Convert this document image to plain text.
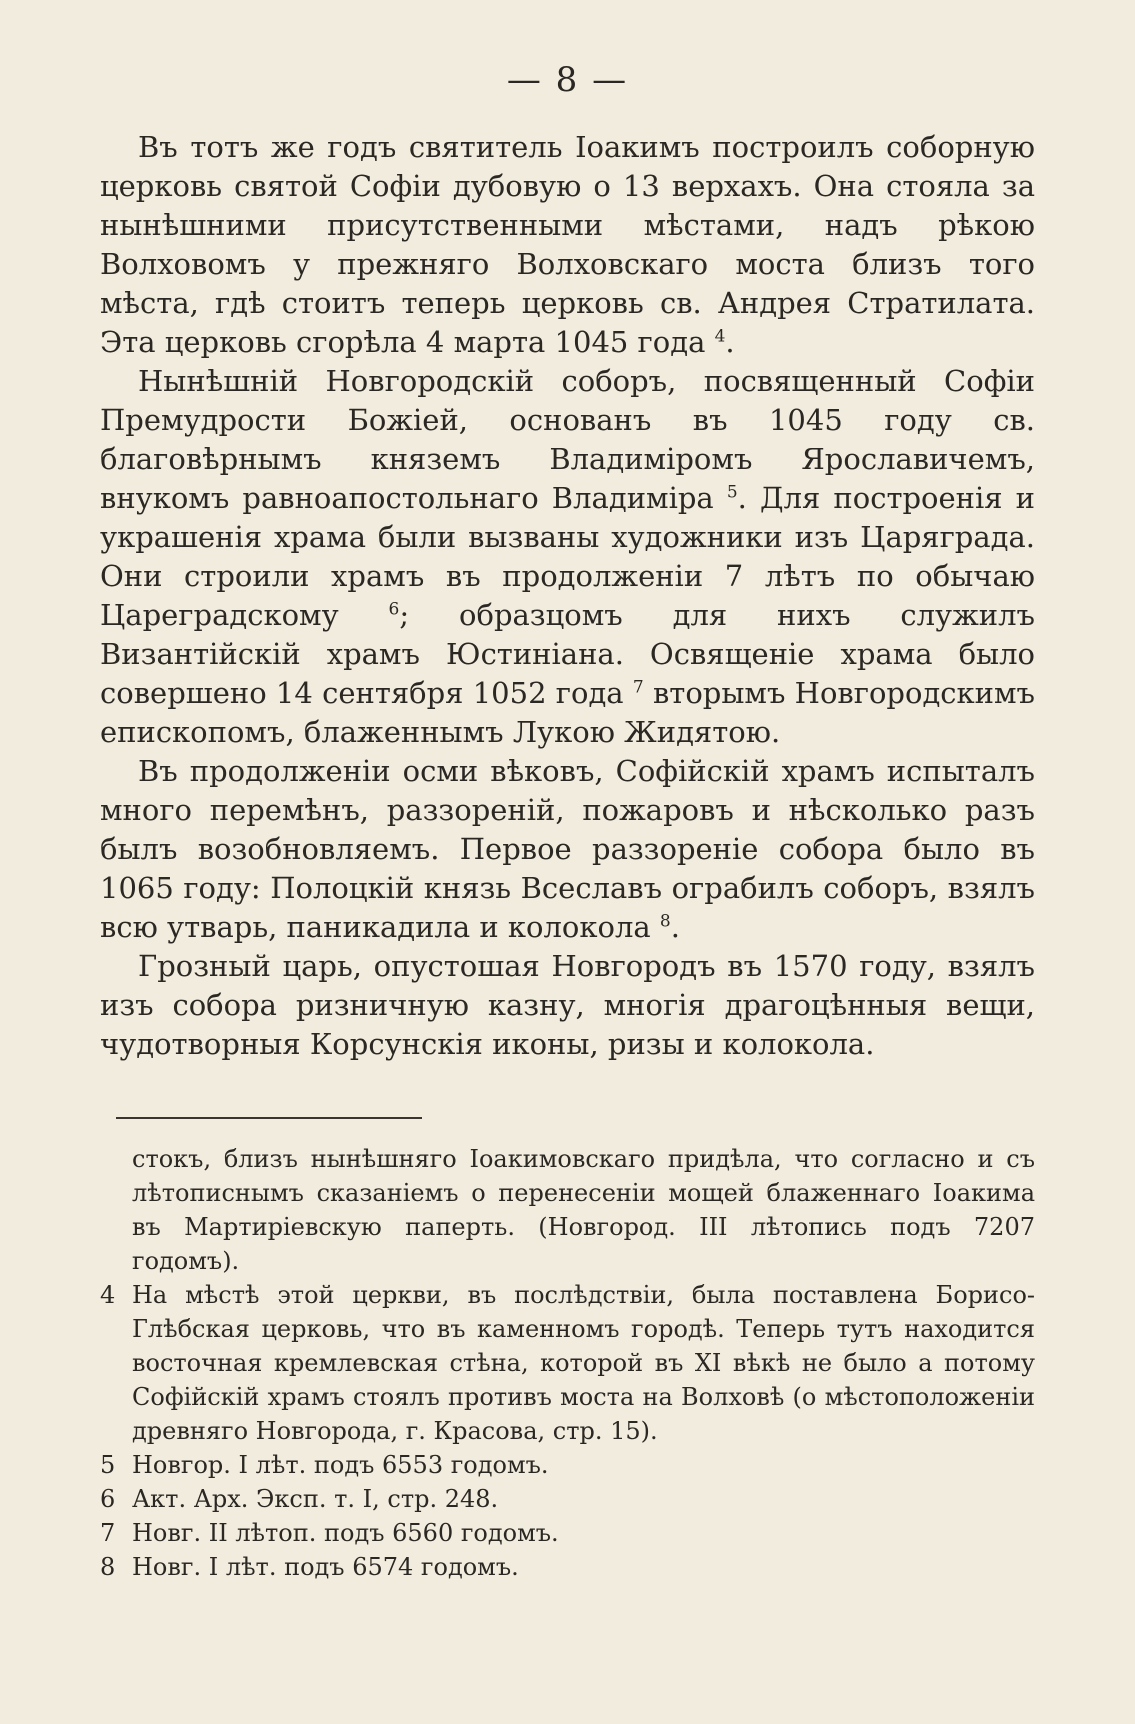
— 8 —

Въ тотъ же годъ святитель Іоакимъ построилъ соборную церковь святой Софіи дубовую о 13 верхахъ. Она стояла за нынѣшними присутственными мѣстами, надъ рѣкою Волховомъ у прежняго Волховскаго моста близъ того мѣста, гдѣ стоитъ теперь церковь св. Андрея Стратилата. Эта церковь сгорѣла 4 марта 1045 года $^4$.

Нынѣшній Новгородскій соборъ, посвященный Софіи Премудрости Божіей, основанъ въ 1045 году св. благовѣрнымъ княземъ Владиміромъ Ярославичемъ, внукомъ равноапостольнаго Владиміра $^5$. Для построенія и украшенія храма были вызваны художники изъ Царяграда. Они строили храмъ въ продолженіи 7 лѣтъ по обычаю Цареградскому	$^6$; образцомъ для нихъ служилъ Византійскій храмъ Юстиніана. Освященіе храма было совершено 14 сентября 1052 года $^7$ вторымъ Новгородскимъ епископомъ, блаженнымъ Лукою Жидятою.

Въ продолженіи осми вѣковъ, Софійскій храмъ испыталъ много перемѣнъ, раззореній, пожаровъ и нѣсколько разъ былъ возобновляемъ. Первое раззореніе собора было въ 1065 году: Полоцкій князь Всеславъ ограбилъ соборъ, взялъ всю утварь, паникадила и колокола $^8$.

Грозный царь, опустошая Новгородъ въ 1570 году, взялъ изъ собора ризничную казну, многія драгоцѣнныя вещи, чудотворныя Корсунскія иконы, ризы и колокола.

стокъ, близъ нынѣшняго Іоакимовскаго придѣла, что согласно и съ лѣтописнымъ сказаніемъ о перенесеніи мощей блаженнаго Іоакима въ Мартиріевскую паперть. (Новгород. III лѣтопись подъ 7207 годомъ).
4 На мѣстѣ этой церкви, въ послѣдствіи, была поставлена Борисо-Глѣбская церковь, что въ каменномъ городѣ. Теперь тутъ находится восточная кремлевская стѣна, которой въ XI вѣкѣ не было а потому Софійскій храмъ стоялъ противъ моста на Волховѣ (о мѣстоположеніи древняго Новгорода, г. Красова, стр. 15).
5 Новгор. I лѣт. подъ 6553 годомъ.
6 Акт. Арх. Эксп. т. I, стр. 248.
7 Новг. II лѣтоп. подъ 6560 годомъ.
8 Новг. I лѣт. подъ 6574 годомъ.
